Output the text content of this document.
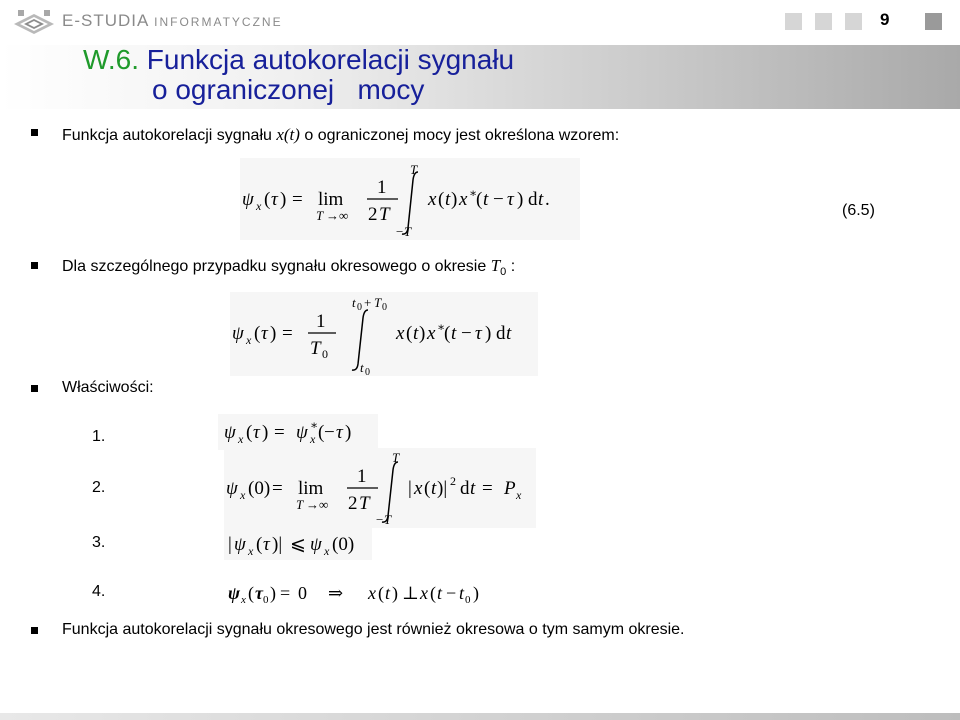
E-STUDIA INFORMATYCZNE	9
W.6. Funkcja autokorelacji sygnału
o ograniczonej   mocy
Funkcja autokorelacji sygnału x(t) o ograniczonej mocy jest określona wzorem:
ψ x ( τ ) = lim
T →∞
1
2 T
T
− T
x ( t ) x ∗
( t − τ ) d t .
(6.5)
Dla szczególnego przypadku sygnału okresowego o okresie $T_0$ :
ψ x ( τ ) =
1
T 0
t 0 + T 0
t 0
x ( t ) x ∗
( t − τ ) d t
Właściwości:
1.	ψ x ( τ ) = ψ x
∗ ( − τ )
2.	ψ x (0) = lim
T →∞
1
2 T
T
− T
| x ( t )| 2 d t = P x
3.	| ψ x ( τ )| ⩽ ψ x (0)
4.	ψ x ( τ 0 ) = 0 ⇒ x ( t ) ⊥ x ( t − t 0 )
Funkcja autokorelacji sygnału okresowego jest również okresowa o tym samym okresie.
